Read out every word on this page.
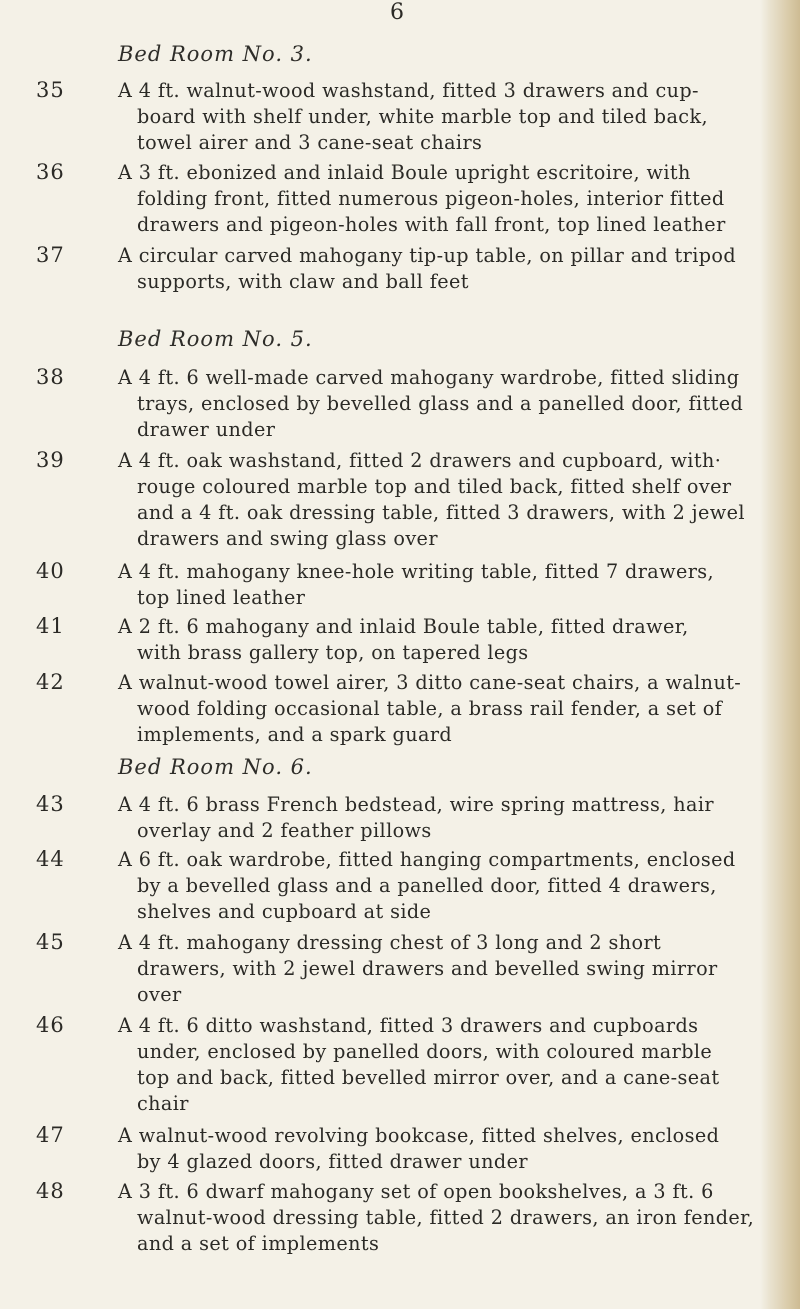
6
Bed Room No. 3.
35	A 4 ft. walnut-wood washstand, fitted 3 drawers and cup-
board with shelf under, white marble top and tiled back,
towel airer and 3 cane-seat chairs
36	A 3 ft. ebonized and inlaid Boule upright escritoire, with
folding front, fitted numerous pigeon-holes, interior fitted
drawers and pigeon-holes with fall front, top lined leather
37	A circular carved mahogany tip-up table, on pillar and tripod
supports, with claw and ball feet
Bed Room No. 5.
38	A 4 ft. 6 well-made carved mahogany wardrobe, fitted sliding
trays, enclosed by bevelled glass and a panelled door, fitted
drawer under
39	A 4 ft. oak washstand, fitted 2 drawers and cupboard, with·
rouge coloured marble top and tiled back, fitted shelf over
and a 4 ft. oak dressing table, fitted 3 drawers, with 2 jewel
drawers and swing glass over
40	A 4 ft. mahogany knee-hole writing table, fitted 7 drawers,
top lined leather
41	A 2 ft. 6 mahogany and inlaid Boule table, fitted drawer,
with brass gallery top, on tapered legs
42	A walnut-wood towel airer, 3 ditto cane-seat chairs, a walnut-
wood folding occasional table, a brass rail fender, a set of
implements, and a spark guard
Bed Room No. 6.
43	A 4 ft. 6 brass French bedstead, wire spring mattress, hair
overlay and 2 feather pillows
44	A 6 ft. oak wardrobe, fitted hanging compartments, enclosed
by a bevelled glass and a panelled door, fitted 4 drawers,
shelves and cupboard at side
45	A 4 ft. mahogany dressing chest of 3 long and 2 short
drawers, with 2 jewel drawers and bevelled swing mirror
over
46	A 4 ft. 6 ditto washstand, fitted 3 drawers and cupboards
under, enclosed by panelled doors, with coloured marble
top and back, fitted bevelled mirror over, and a cane-seat
chair
47	A walnut-wood revolving bookcase, fitted shelves, enclosed
by 4 glazed doors, fitted drawer under
48	A 3 ft. 6 dwarf mahogany set of open bookshelves, a 3 ft. 6
walnut-wood dressing table, fitted 2 drawers, an iron fender,
and a set of implements
